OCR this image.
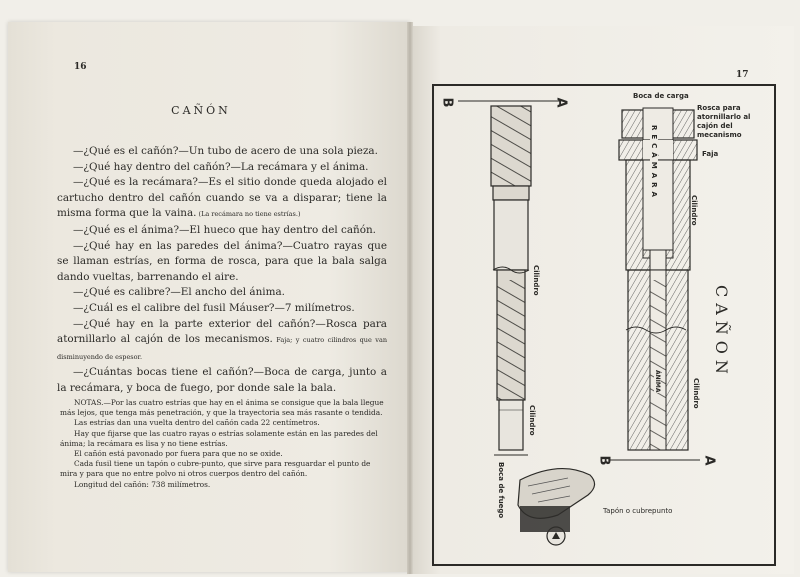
16
CAÑÓN

—¿Qué es el cañón?—Un tubo de acero de una sola pieza.

—¿Qué hay dentro del cañón?—La recámara y el ánima.

—¿Qué es la recámara?—Es el sitio donde queda alojado el cartucho dentro del cañón cuando se va a disparar; tiene la misma forma que la vaina. (La recámara no tiene estrías.)

—¿Qué es el ánima?—El hueco que hay dentro del cañón.

—¿Qué hay en las paredes del ánima?—Cuatro rayas que se llaman estrías, en forma de rosca, para que la bala salga dando vueltas, barrenando el aire.

—¿Qué es calibre?—El ancho del ánima.

—¿Cuál es el calibre del fusil Máuser?—7 milímetros.

—¿Qué hay en la parte exterior del cañón?—Rosca para atornillarlo al cajón de los mecanismos. Faja; y cuatro cilindros que van disminuyendo de espesor.

—¿Cuántas bocas tiene el cañón?—Boca de carga, junto a la recámara, y boca de fuego, por donde sale la bala.

NOTAS.—Por las cuatro estrías que hay en el ánima se consigue que la bala llegue más lejos, que tenga más penetración, y que la trayectoria sea más rasante o tendida.

Las estrías dan una vuelta dentro del cañón cada 22 centímetros.

Hay que fijarse que las cuatro rayas o estrías solamente están en las paredes del ánima; la recámara es lisa y no tiene estrías.

El cañón está pavonado por fuera para que no se oxide.

Cada fusil tiene un tapón o cubre-punto, que sirve para resguardar el punto de mira y para que no entre polvo ni otros cuerpos dentro del cañón.

Longitud del cañón: 738 milímetros.

17
B	A
B	A
Boca de carga
Rosca para atornillarlo al cajón del mecanismo
Faja
RECÁMARA
Cilindro
Cilindro
Cilindro
Cilindro
ÁNIMA
Boca de fuego	Tapón o cubrepunto
CAÑON
